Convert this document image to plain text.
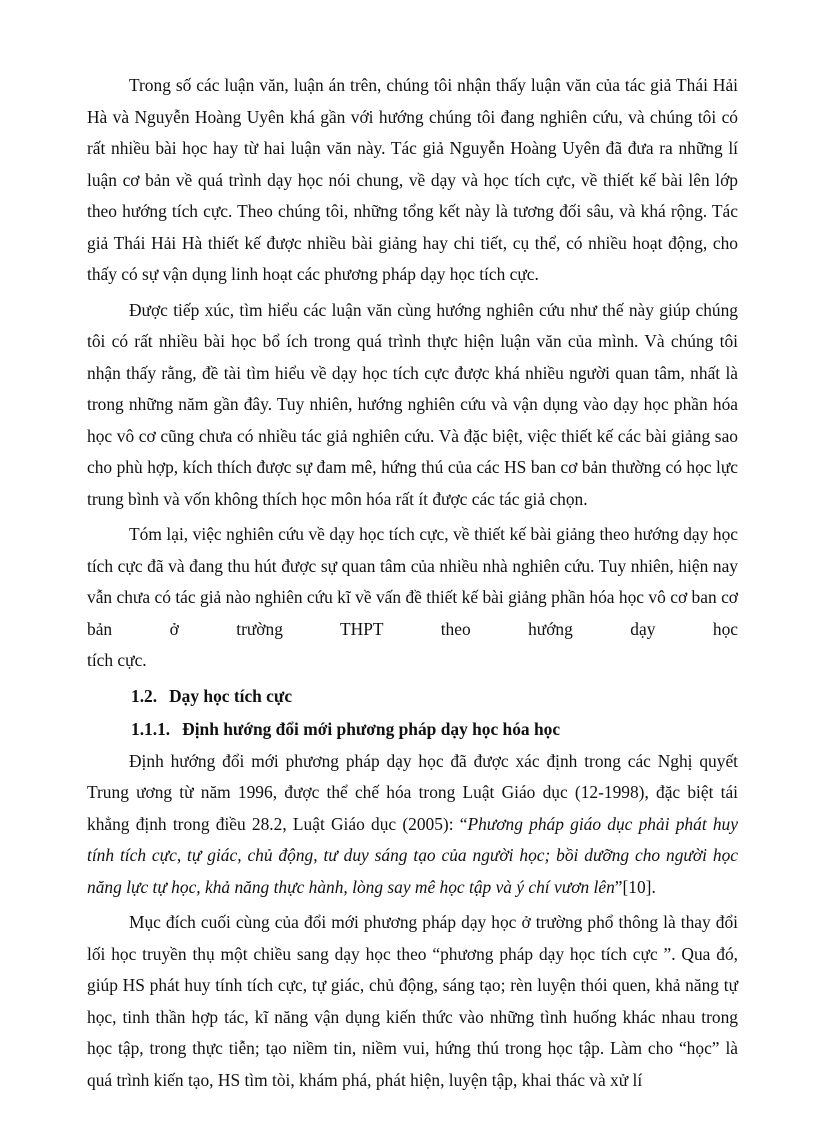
Trong số các luận văn, luận án trên, chúng tôi nhận thấy luận văn của tác giả Thái Hải Hà và Nguyễn Hoàng Uyên khá gần với hướng chúng tôi đang nghiên cứu, và chúng tôi có rất nhiều bài học hay từ hai luận văn này. Tác giả Nguyễn Hoàng Uyên đã đưa ra những lí luận cơ bản về quá trình dạy học nói chung, về dạy và học tích cực, về thiết kế bài lên lớp theo hướng tích cực. Theo chúng tôi, những tổng kết này là tương đối sâu, và khá rộng. Tác giả Thái Hải Hà thiết kế được nhiều bài giảng hay chi tiết, cụ thể, có nhiều hoạt động, cho thấy có sự vận dụng linh hoạt các phương pháp dạy học tích cực.

Được tiếp xúc, tìm hiểu các luận văn cùng hướng nghiên cứu như thế này giúp chúng tôi có rất nhiều bài học bổ ích trong quá trình thực hiện luận văn của mình. Và chúng tôi nhận thấy rằng, đề tài tìm hiểu về dạy học tích cực được khá nhiều người quan tâm, nhất là trong những năm gần đây. Tuy nhiên, hướng nghiên cứu và vận dụng vào dạy học phần hóa học vô cơ cũng chưa có nhiều tác giả nghiên cứu. Và đặc biệt, việc thiết kế các bài giảng sao cho phù hợp, kích thích được sự đam mê, hứng thú của các HS ban cơ bản thường có học lực trung bình và vốn không thích học môn hóa rất ít được các tác giả chọn.

Tóm lại, việc nghiên cứu về dạy học tích cực, về thiết kế bài giảng theo hướng dạy học tích cực đã và đang thu hút được sự quan tâm của nhiều nhà nghiên cứu. Tuy nhiên, hiện nay vẫn chưa có tác giả nào nghiên cứu kĩ về vấn đề thiết kế bài giảng phần hóa học vô cơ ban cơ bản ở trường THPT theo hướng dạy học

tích cực.

1.2. Dạy học tích cực
1.1.1. Định hướng đổi mới phương pháp dạy học hóa học

Định hướng đổi mới phương pháp dạy học đã được xác định trong các Nghị quyết Trung ương từ năm 1996, được thể chế hóa trong Luật Giáo dục (12-1998), đặc biệt tái khẳng định trong điều 28.2, Luật Giáo dục (2005): “Phương pháp giáo dục phải phát huy tính tích cực, tự giác, chủ động, tư duy sáng tạo của người học; bồi dưỡng cho người học năng lực tự học, khả năng thực hành, lòng say mê học tập và ý chí vươn lên”[10].

Mục đích cuối cùng của đổi mới phương pháp dạy học ở trường phổ thông là thay đổi lối học truyền thụ một chiều sang dạy học theo “phương pháp dạy học tích cực ”. Qua đó, giúp HS phát huy tính tích cực, tự giác, chủ động, sáng tạo; rèn luyện thói quen, khả năng tự học, tinh thần hợp tác, kĩ năng vận dụng kiến thức vào những tình huống khác nhau trong học tập, trong thực tiễn; tạo niềm tin, niềm vui, hứng thú trong học tập. Làm cho “học” là quá trình kiến tạo, HS tìm tòi, khám phá, phát hiện, luyện tập, khai thác và xử lí
